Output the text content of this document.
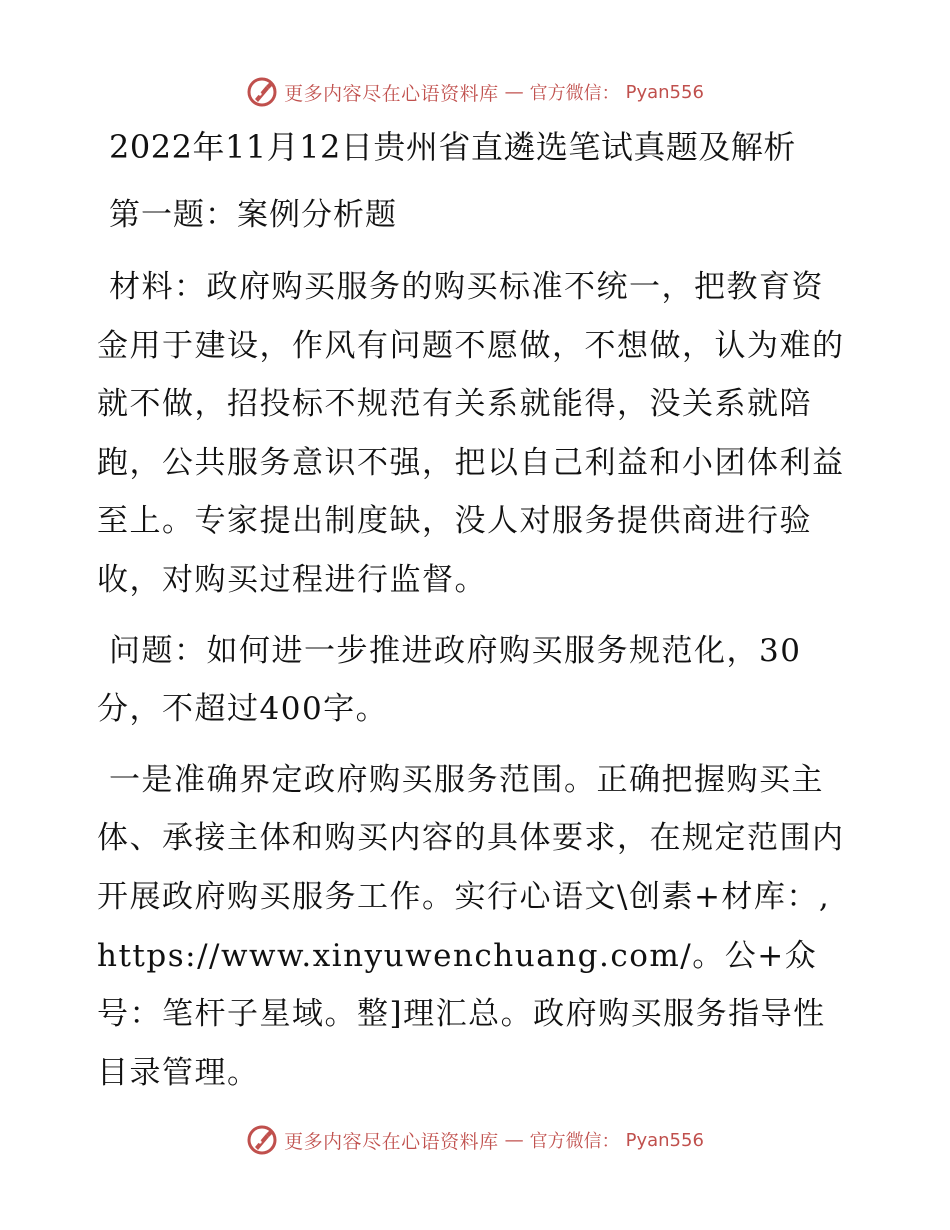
更多内容尽在心语资料库 — 官方微信： Pyan556
2022年11月12日贵州省直遴选笔试真题及解析
第一题：案例分析题

材料：政府购买服务的购买标准不统一，把教育资金用于建设，作风有问题不愿做，不想做，认为难的就不做，招投标不规范有关系就能得，没关系就陪跑，公共服务意识不强，把以自己利益和小团体利益至上。专家提出制度缺，没人对服务提供商进行验收，对购买过程进行监督。

问题：如何进一步推进政府购买服务规范化，30分，不超过400字。

一是准确界定政府购买服务范围。正确把握购买主体、承接主体和购买内容的具体要求，在规定范围内开展政府购买服务工作。实行心语文\创素+材库：,https://www.xinyuwenchuang.com/。公+众号：笔杆子星域。整]理汇总。政府购买服务指导性目录管理。

更多内容尽在心语资料库 — 官方微信： Pyan556
